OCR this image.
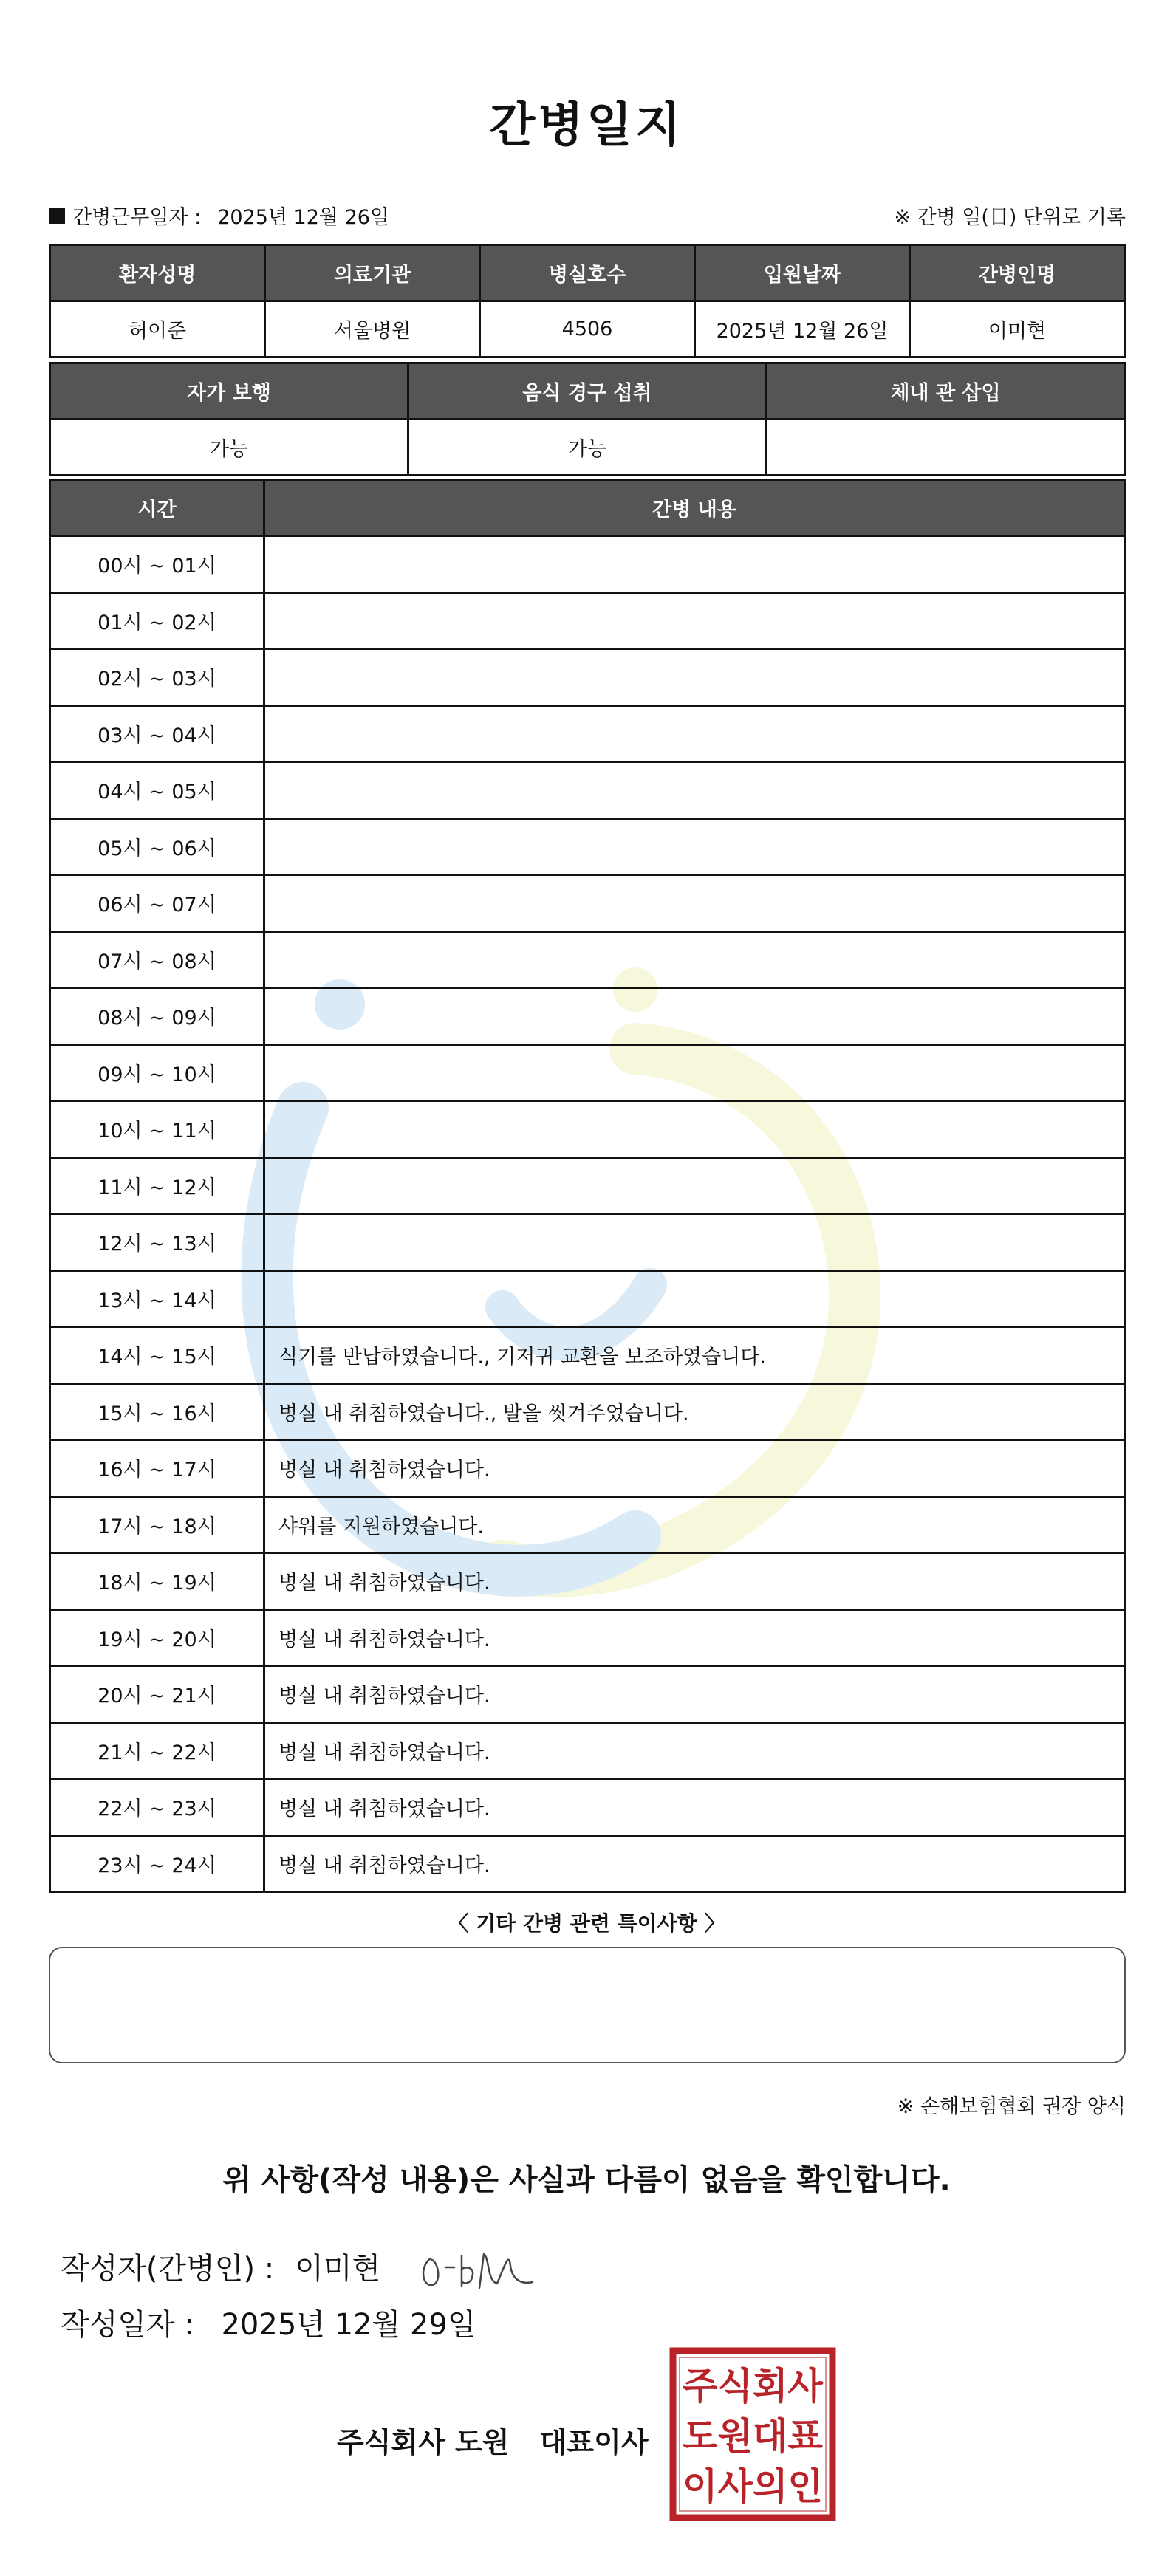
간병일지
간병근무일자 : 2025년 12월 26일	※ 간병 일(日) 단위로 기록
환자성명	의료기관	병실호수	입원날짜	간병인명
허이준	서울병원	4506	2025년 12월 26일	이미현
자가 보행	음식 경구 섭취	체내 관 삽입
가능	가능	
시간	간병 내용
00시 ~ 01시	
01시 ~ 02시	
02시 ~ 03시	
03시 ~ 04시	
04시 ~ 05시	
05시 ~ 06시	
06시 ~ 07시	
07시 ~ 08시	
08시 ~ 09시	
09시 ~ 10시	
10시 ~ 11시	
11시 ~ 12시	
12시 ~ 13시	
13시 ~ 14시	
14시 ~ 15시	식기를 반납하였습니다., 기저귀 교환을 보조하였습니다.
15시 ~ 16시	병실 내 취침하였습니다., 발을 씻겨주었습니다.
16시 ~ 17시	병실 내 취침하였습니다.
17시 ~ 18시	샤워를 지원하였습니다.
18시 ~ 19시	병실 내 취침하였습니다.
19시 ~ 20시	병실 내 취침하였습니다.
20시 ~ 21시	병실 내 취침하였습니다.
21시 ~ 22시	병실 내 취침하였습니다.
22시 ~ 23시	병실 내 취침하였습니다.
23시 ~ 24시	병실 내 취침하였습니다.
〈 기타 간병 관련 특이사항 〉
※ 손해보험협회 권장 양식
위 사항(작성 내용)은 사실과 다름이 없음을 확인합니다.
작성자(간병인) : 이미현
작성일자 : 2025년 12월 29일
주식회사 도원 대표이사
주식회사
도원대표
이사의인
